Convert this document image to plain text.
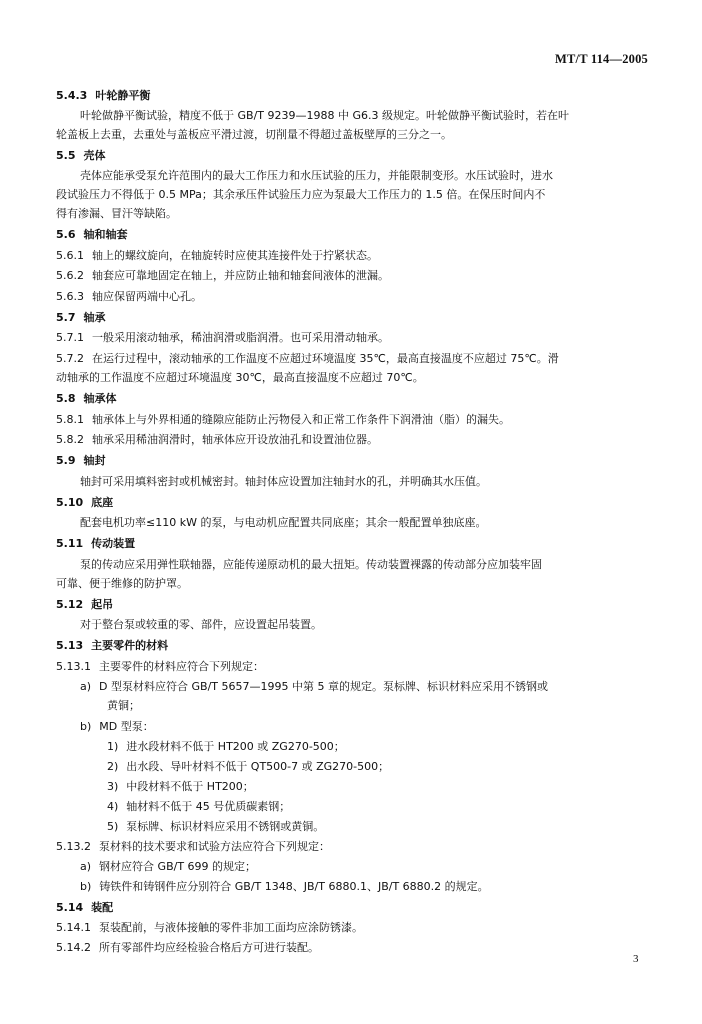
MT/T 114—2005
5.4.3 叶轮静平衡
叶轮做静平衡试验，精度不低于 GB/T 9239—1988 中 G6.3 级规定。叶轮做静平衡试验时，若在叶
轮盖板上去重，去重处与盖板应平滑过渡，切削量不得超过盖板壁厚的三分之一。
5.5 壳体
壳体应能承受泵允许范围内的最大工作压力和水压试验的压力，并能限制变形。水压试验时，进水
段试验压力不得低于 0.5 MPa；其余承压件试验压力应为泵最大工作压力的 1.5 倍。在保压时间内不
得有渗漏、冒汗等缺陷。
5.6 轴和轴套
5.6.1 轴上的螺纹旋向，在轴旋转时应使其连接件处于拧紧状态。
5.6.2 轴套应可靠地固定在轴上，并应防止轴和轴套间液体的泄漏。
5.6.3 轴应保留两端中心孔。
5.7 轴承
5.7.1 一般采用滚动轴承，稀油润滑或脂润滑。也可采用滑动轴承。
5.7.2 在运行过程中，滚动轴承的工作温度不应超过环境温度 35℃，最高直接温度不应超过 75℃。滑
动轴承的工作温度不应超过环境温度 30℃，最高直接温度不应超过 70℃。
5.8 轴承体
5.8.1 轴承体上与外界相通的缝隙应能防止污物侵入和正常工作条件下润滑油（脂）的漏失。
5.8.2 轴承采用稀油润滑时，轴承体应开设放油孔和设置油位器。
5.9 轴封
轴封可采用填料密封或机械密封。轴封体应设置加注轴封水的孔，并明确其水压值。
5.10 底座
配套电机功率≤110 kW 的泵，与电动机应配置共同底座；其余一般配置单独底座。
5.11 传动装置
泵的传动应采用弹性联轴器，应能传递原动机的最大扭矩。传动装置裸露的传动部分应加装牢固
可靠、便于维修的防护罩。
5.12 起吊
对于整台泵或较重的零、部件，应设置起吊装置。
5.13 主要零件的材料
5.13.1 主要零件的材料应符合下列规定：
a) D 型泵材料应符合 GB/T 5657—1995 中第 5 章的规定。泵标牌、标识材料应采用不锈钢或
黄铜；
b) MD 型泵：
1) 进水段材料不低于 HT200 或 ZG270-500；
2) 出水段、导叶材料不低于 QT500-7 或 ZG270-500；
3) 中段材料不低于 HT200；
4) 轴材料不低于 45 号优质碳素钢；
5) 泵标牌、标识材料应采用不锈钢或黄铜。
5.13.2 泵材料的技术要求和试验方法应符合下列规定：
a) 钢材应符合 GB/T 699 的规定；
b) 铸铁件和铸钢件应分别符合 GB/T 1348、JB/T 6880.1、JB/T 6880.2 的规定。
5.14 装配
5.14.1 泵装配前，与液体接触的零件非加工面均应涂防锈漆。
5.14.2 所有零部件均应经检验合格后方可进行装配。
3
